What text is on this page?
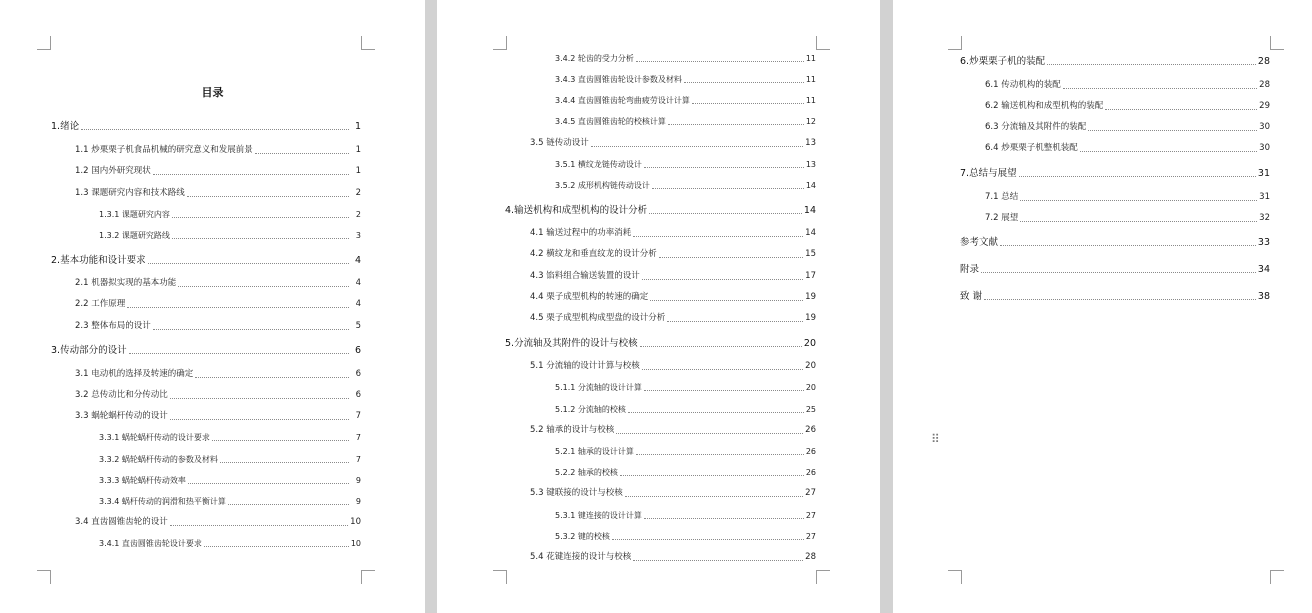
目录
1.绪论	1
1.1 炒栗栗子机食品机械的研究意义和发展前景	1
1.2 国内外研究现状	1
1.3 课题研究内容和技术路线	2
1.3.1 课题研究内容	2
1.3.2 课题研究路线	3
2.基本功能和设计要求	4
2.1 机器拟实现的基本功能	4
2.2 工作原理	4
2.3 整体布局的设计	5
3.传动部分的设计	6
3.1 电动机的选择及转速的确定	6
3.2 总传动比和分传动比	6
3.3 蜗轮蜗杆传动的设计	7
3.3.1 蜗轮蜗杆传动的设计要求	7
3.3.2 蜗轮蜗杆传动的参数及材料	7
3.3.3 蜗轮蜗杆传动效率	9
3.3.4 蜗杆传动的润滑和热平衡计算	9
3.4 直齿圆锥齿轮的设计	10
3.4.1 直齿圆锥齿轮设计要求	10
3.4.2 轮齿的受力分析	11
3.4.3 直齿圆锥齿轮设计参数及材料	11
3.4.4 直齿圆锥齿轮弯曲疲劳设计计算	11
3.4.5 直齿圆锥齿轮的校核计算	12
3.5 链传动设计	13
3.5.1 横纹龙链传动设计	13
3.5.2 成形机构链传动设计	14
4.输送机构和成型机构的设计分析	14
4.1 输送过程中的功率消耗	14
4.2 横纹龙和垂直纹龙的设计分析	15
4.3 馅料组合输送装置的设计	17
4.4 栗子成型机构的转速的确定	19
4.5 栗子成型机构成型盘的设计分析	19
5.分流轴及其附件的设计与校核	20
5.1 分流轴的设计计算与校核	20
5.1.1 分流轴的设计计算	20
5.1.2 分流轴的校核	25
5.2 轴承的设计与校核	26
5.2.1 轴承的设计计算	26
5.2.2 轴承的校核	26
5.3 键联接的设计与校核	27
5.3.1 键连接的设计计算	27
5.3.2 键的校核	27
5.4 花键连接的设计与校核	28
6.炒栗栗子机的装配	28
6.1 传动机构的装配	28
6.2 输送机构和成型机构的装配	29
6.3 分流轴及其附件的装配	30
6.4 炒栗栗子机整机装配	30
7.总结与展望	31
7.1 总结	31
7.2 展望	32
参考文献	33
附录	34
致 谢	38
⠿
